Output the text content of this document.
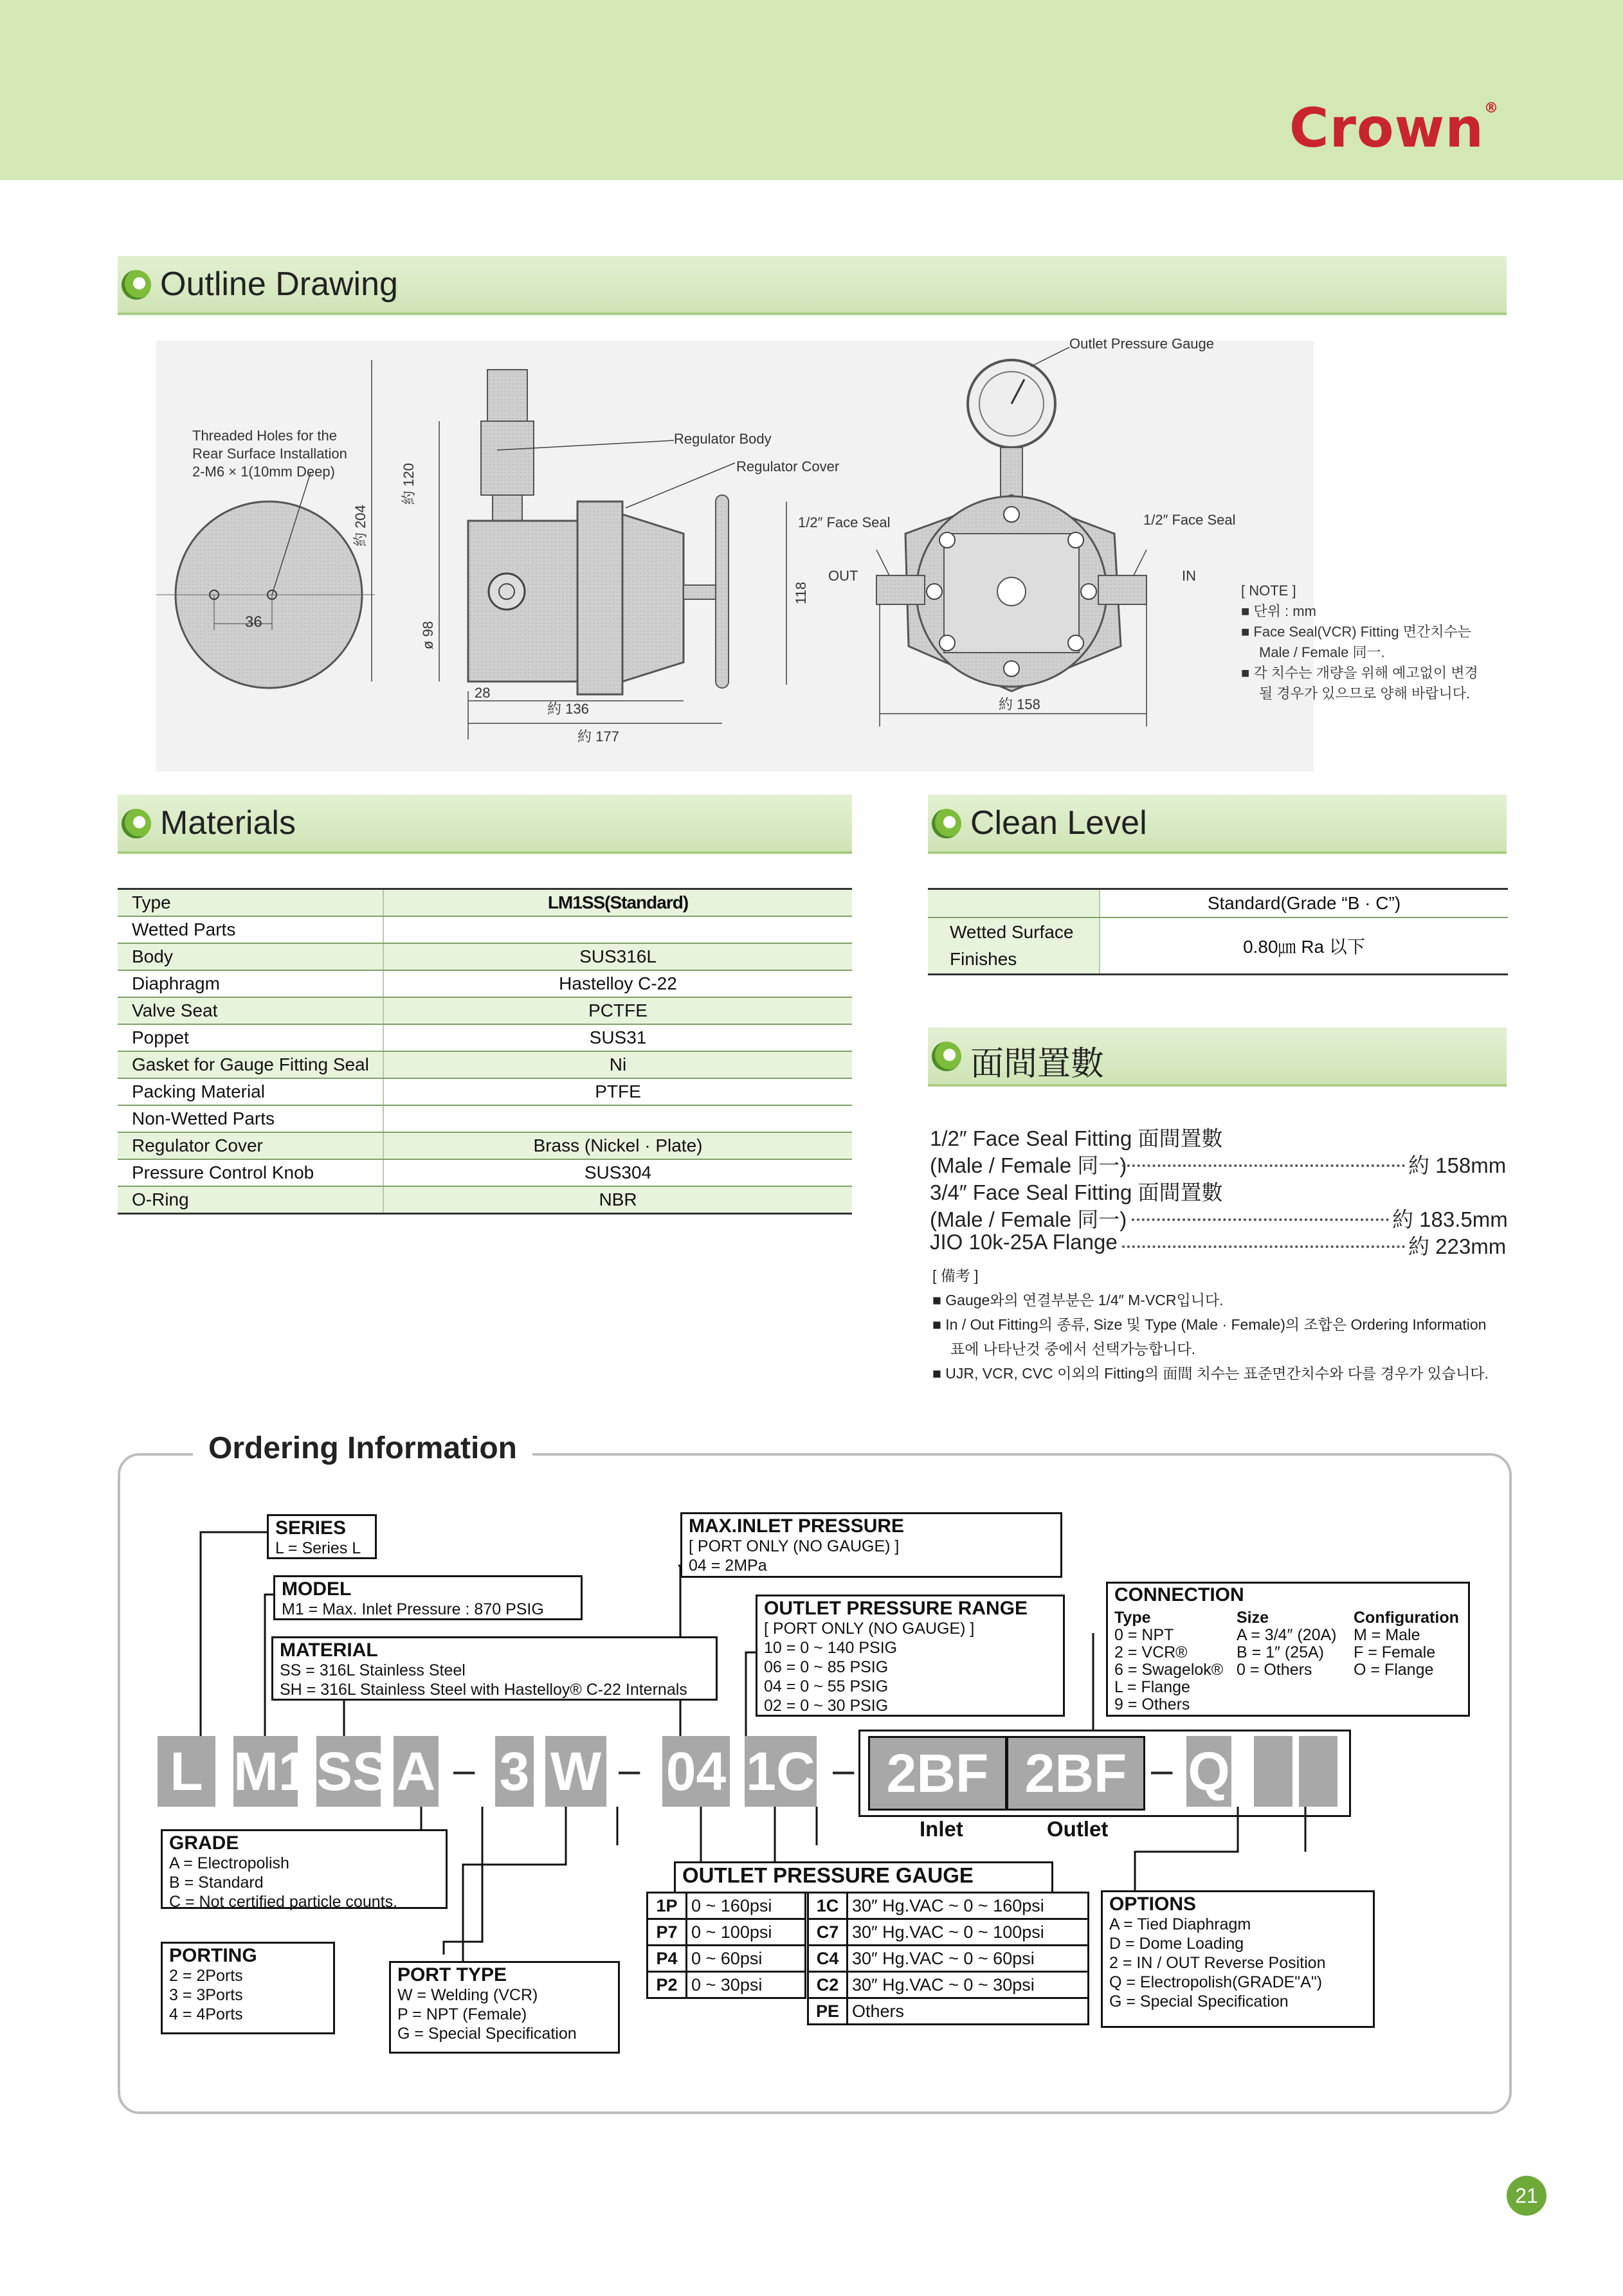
Crown®
Outline Drawing
Threaded Holes for the
Rear Surface Installation
2-M6 × 1(10mm Deep)
36
Regulator Body
Regulator Cover
約 204
約 120
ø 98
118
28
約 136
約 177
Outlet Pressure Gauge
1/2″ Face Seal	1/2″ Face Seal
OUT	IN
約 158
[ NOTE ]
■ 단위 : mm
■ Face Seal(VCR) Fitting 면간치수는
Male / Female 同一.
■ 각 치수는 개량을 위해 예고없이 변경
될 경우가 있으므로 양해 바랍니다.
Materials	Clean Level
Type	LM1SS(Standard)
Wetted Parts	
Body	SUS316L
Diaphragm	Hastelloy C-22
Valve Seat	PCTFE
Poppet	SUS31
Gasket for Gauge Fitting Seal	Ni
Packing Material	PTFE
Non-Wetted Parts	
Regulator Cover	Brass (Nickel · Plate)
Pressure Control Knob	SUS304
O-Ring	NBR
	Standard(Grade “B · C”)

Wetted Surface
Finishes	0.80㎛ Ra 以下
面間置數
1/2″ Face Seal Fitting 面間置數
(Male / Female 同一)	約 158mm
3/4″ Face Seal Fitting 面間置數
(Male / Female 同一)	約 183.5mm
JIO 10k-25A Flange	約 223mm
[ 備考 ]
■ Gauge와의 연결부분은 1/4″ M-VCR입니다.
■ In / Out Fitting의 종류, Size 및 Type (Male · Female)의 조합은 Ordering Information
표에 나타난것 중에서 선택가능합니다.
■ UJR, VCR, CVC 이외의 Fitting의 面間 치수는 표준면간치수와 다를 경우가 있습니다.
Ordering Information
SERIES
L = Series L
MODEL
M1 = Max. Inlet Pressure : 870 PSIG
MATERIAL
SS = 316L Stainless Steel
SH = 316L Stainless Steel with Hastelloy® C-22 Internals
MAX.INLET PRESSURE
[ PORT ONLY (NO GAUGE) ]
04 = 2MPa
OUTLET PRESSURE RANGE
[ PORT ONLY (NO GAUGE) ]
10 = 0 ~ 140 PSIG
06 = 0 ~ 85 PSIG
04 = 0 ~ 55 PSIG
02 = 0 ~ 30 PSIG
CONNECTION
Type
0 = NPT
2 = VCR®
6 = Swagelok®
L = Flange
9 = Others
Size
A = 3/4″ (20A)
B = 1″ (25A)
0 = Others
Configuration
M = Male
F = Female
O = Flange
L M1 SS A – 3 W – 04 1C – 2BF 2BF – Q
Inlet	Outlet
GRADE
A = Electropolish
B = Standard
C = Not certified particle counts.
PORTING
2 = 2Ports
3 = 3Ports
4 = 4Ports
PORT TYPE
W = Welding (VCR)
P = NPT (Female)
G = Special Specification
OUTLET PRESSURE GAUGE
1P	0 ~ 160psi
P7	0 ~ 100psi
P4	0 ~ 60psi
P2	0 ~ 30psi
1C	30″ Hg.VAC ~ 0 ~ 160psi
C7	30″ Hg.VAC ~ 0 ~ 100psi
C4	30″ Hg.VAC ~ 0 ~ 60psi
C2	30″ Hg.VAC ~ 0 ~ 30psi
PE	Others
OPTIONS
A = Tied Diaphragm
D = Dome Loading
2 = IN / OUT Reverse Position
Q = Electropolish(GRADE"A")
G = Special Specification
21
